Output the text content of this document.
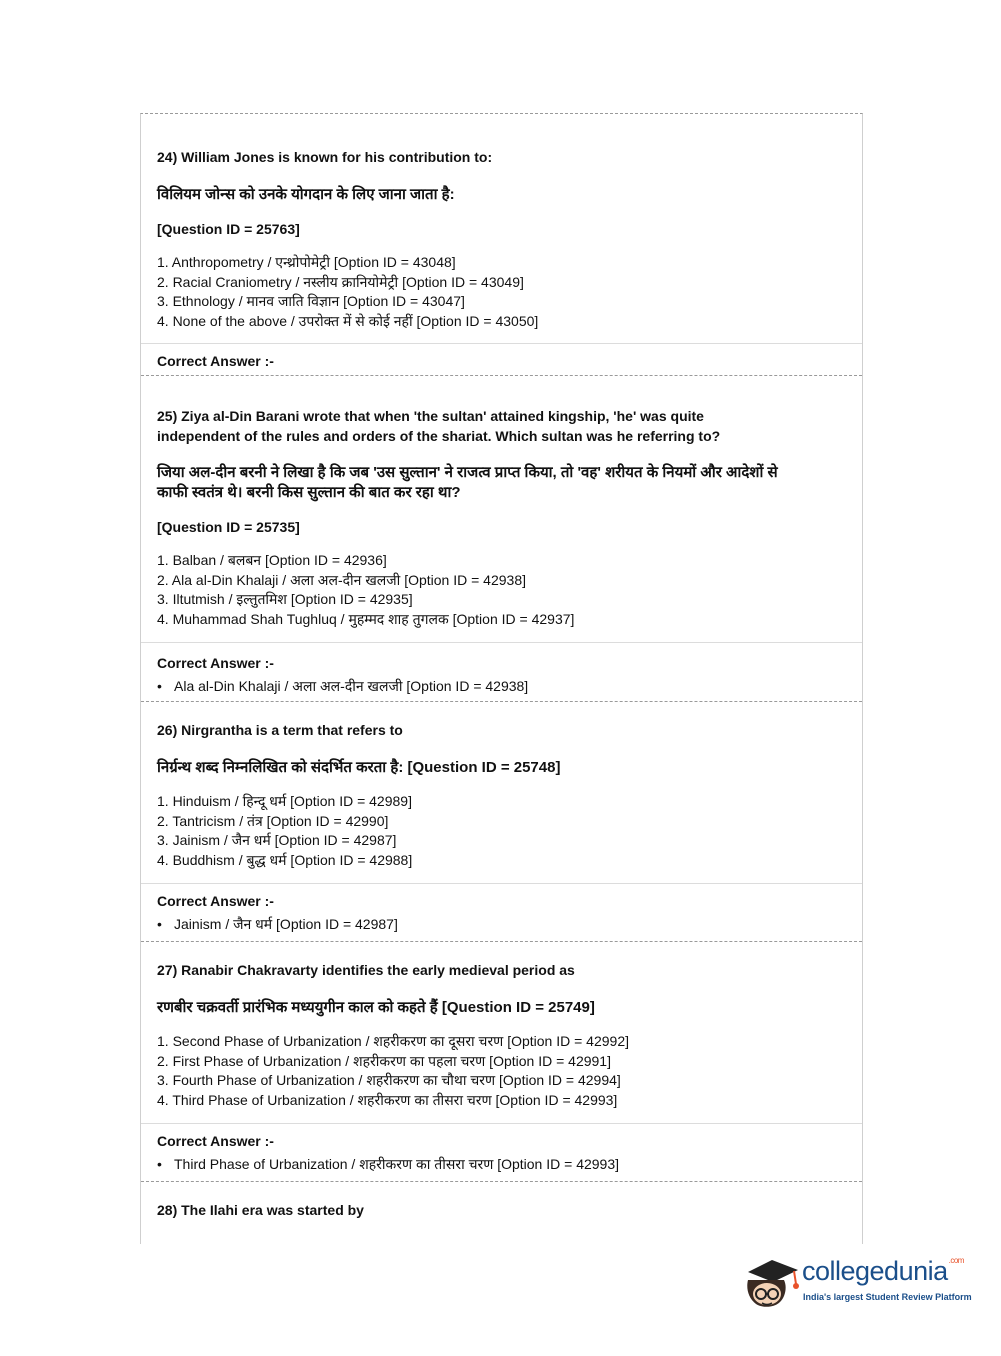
24) William Jones is known for his contribution to:

विलियम जोन्स को उनके योगदान के लिए जाना जाता है:

[Question ID = 25763]

1. Anthropometry / एन्थ्रोपोमेट्री [Option ID = 43048]

2. Racial Craniometry / नस्लीय क्रानियोमेट्री [Option ID = 43049]

3. Ethnology / मानव जाति विज्ञान [Option ID = 43047]

4. None of the above / उपरोक्त में से कोई नहीं [Option ID = 43050]

Correct Answer :-

25) Ziya al-Din Barani wrote that when 'the sultan' attained kingship, 'he' was quite

independent of the rules and orders of the shariat. Which sultan was he referring to?

जिया अल-दीन बरनी ने लिखा है कि जब 'उस सुल्तान' ने राजत्व प्राप्त किया, तो 'वह' शरीयत के नियमों और आदेशों से

काफी स्वतंत्र थे। बरनी किस सुल्तान की बात कर रहा था?

[Question ID = 25735]

1. Balban / बलबन [Option ID = 42936]

2. Ala al-Din Khalaji / अला अल-दीन खलजी [Option ID = 42938]

3. Iltutmish / इल्तुतमिश [Option ID = 42935]

4. Muhammad Shah Tughluq / मुहम्मद शाह तुगलक [Option ID = 42937]

Correct Answer :-

• Ala al-Din Khalaji / अला अल-दीन खलजी [Option ID = 42938]

26) Nirgrantha is a term that refers to

निर्ग्रन्थ शब्द निम्नलिखित को संदर्भित करता है: [Question ID = 25748]

1. Hinduism / हिन्दू धर्म [Option ID = 42989]

2. Tantricism / तंत्र [Option ID = 42990]

3. Jainism / जैन धर्म [Option ID = 42987]

4. Buddhism / बुद्ध धर्म [Option ID = 42988]

Correct Answer :-

• Jainism / जैन धर्म [Option ID = 42987]

27) Ranabir Chakravarty identifies the early medieval period as

रणबीर चक्रवर्ती प्रारंभिक मध्ययुगीन काल को कहते हैं [Question ID = 25749]

1. Second Phase of Urbanization / शहरीकरण का दूसरा चरण [Option ID = 42992]

2. First Phase of Urbanization / शहरीकरण का पहला चरण [Option ID = 42991]

3. Fourth Phase of Urbanization / शहरीकरण का चौथा चरण [Option ID = 42994]

4. Third Phase of Urbanization / शहरीकरण का तीसरा चरण [Option ID = 42993]

Correct Answer :-

• Third Phase of Urbanization / शहरीकरण का तीसरा चरण [Option ID = 42993]

28) The Ilahi era was started by

collegedunia$^{.com}$
India's largest Student Review Platform
